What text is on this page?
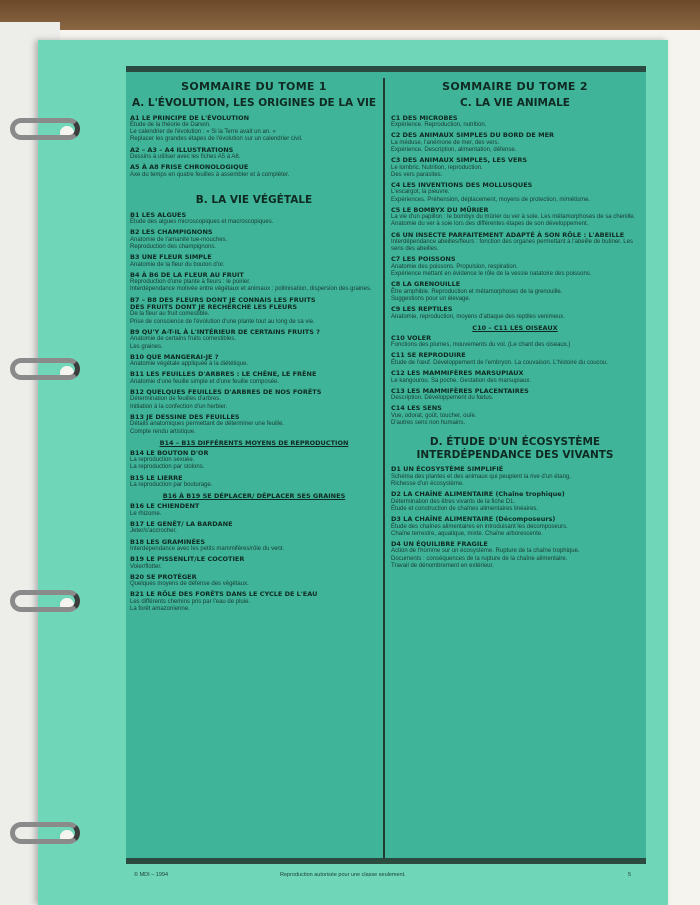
SOMMAIRE DU TOME 1
A. L'ÉVOLUTION, LES ORIGINES DE LA VIE
A1 LE PRINCIPE DE L'ÉVOLUTION
Étude de la théorie de Darwin.
Le calendrier de l'évolution : « Si la Terre avait un an. »
Replacer les grandes étapes de l'évolution sur un calendrier civil.
A2 – A3 – A4 ILLUSTRATIONS
Dessins à utiliser avec les fiches A5 à A8.
A5 À A8 FRISE CHRONOLOGIQUE
Axe du temps en quatre feuilles à assembler et à compléter.
B. LA VIE VÉGÉTALE
B1 LES ALGUES
Étude des algues microscopiques et macroscopiques.
B2 LES CHAMPIGNONS
Anatomie de l'amanite tue-mouches.
Reproduction des champignons.
B3 UNE FLEUR SIMPLE
Anatomie de la fleur du bouton d'or.
B4 À B6 DE LA FLEUR AU FRUIT
Reproduction d'une plante à fleurs : le poirier.
Interdépendance motivée entre végétaux et animaux : pollinisation, dispersion des graines.
B7 – B8 DES FLEURS DONT JE CONNAIS LES FRUITS
DES FRUITS DONT JE RECHERCHE LES FLEURS
De la fleur au fruit comestible.
Prise de conscience de l'évolution d'une plante tout au long de sa vie.
B9 QU'Y A-T-IL À L'INTÉRIEUR DE CERTAINS FRUITS ?
Anatomie de certains fruits comestibles.
Les graines.
B10 QUE MANGERAI-JE ?
Anatomie végétale appliquée à la diététique.
B11 LES FEUILLES D'ARBRES : LE CHÊNE, LE FRÊNE
Anatomie d'une feuille simple et d'une feuille composée.
B12 QUELQUES FEUILLES D'ARBRES DE NOS FORÊTS
Détermination de feuilles d'arbres.
Initiation à la confection d'un herbier.
B13 JE DESSINE DES FEUILLES
Détails anatomiques permettant de déterminer une feuille.
Compte rendu artistique.
B14 – B15 DIFFÉRENTS MOYENS DE REPRODUCTION
B14 LE BOUTON D'OR
La reproduction sexuée.
La reproduction par stolons.
B15 LE LIERRE
La reproduction par bouturage.
B16 À B19 SE DÉPLACER/ DÉPLACER SES GRAINES
B16 LE CHIENDENT
Le rhizome.
B17 LE GENÊT/ LA BARDANE
Jeter/s'accrocher.
B18 LES GRAMINÉES
Interdépendance avec les petits mammifères/rôle du vent.
B19 LE PISSENLIT/LE COCOTIER
Voler/flotter.
B20 SE PROTÉGER
Quelques moyens de défense des végétaux.
B21 LE RÔLE DES FORÊTS DANS LE CYCLE DE L'EAU
Les différents chemins pris par l'eau de pluie.
La forêt amazonienne.
SOMMAIRE DU TOME 2
C. LA VIE ANIMALE
C1 DES MICROBES
Expérience. Reproduction, nutrition.
C2 DES ANIMAUX SIMPLES DU BORD DE MER
La méduse, l'anémone de mer, des vers.
Expérience. Description, alimentation, défense.
C3 DES ANIMAUX SIMPLES, LES VERS
Le lombric. Nutrition, reproduction.
Des vers parasites.
C4 LES INVENTIONS DES MOLLUSQUES
L'escargot, la pieuvre.
Expériences. Préhension, déplacement, moyens de protection, mimétisme.
C5 LE BOMBYX DU MÛRIER
La vie d'un papillon : le bombyx du mûrier ou ver à soie. Les métamorphoses de sa chenille.
Anatomie du ver à soie lors des différentes étapes de son développement.
C6 UN INSECTE PARFAITEMENT ADAPTÉ À SON RÔLE : L'ABEILLE
Interdépendance abeilles/fleurs : fonction des organes permettant à l'abeille de butiner. Les sens des abeilles.
C7 LES POISSONS
Anatomie des poissons. Propulsion, respiration.
Expérience mettant en évidence le rôle de la vessie natatoire des poissons.
C8 LA GRENOUILLE
Être amphibie. Reproduction et métamorphoses de la grenouille.
Suggestions pour un élevage.
C9 LES REPTILES
Anatomie, reproduction, moyens d'attaque des reptiles venimeux.
C10 – C11 LES OISEAUX
C10 VOLER
Fonctions des plumes, mouvements du vol. (Le chant des oiseaux.)
C11 SE REPRODUIRE
Étude de l'œuf. Développement de l'embryon. La couvaison. L'histoire du coucou.
C12 LES MAMMIFÈRES MARSUPIAUX
Le kangourou. Sa poche. Gestation des marsupiaux.
C13 LES MAMMIFÈRES PLACENTAIRES
Description. Développement du fœtus.
C14 LES SENS
Vue, odorat, goût, toucher, ouïe.
D'autres sens non humains.
D. ÉTUDE D'UN ÉCOSYSTÈME INTERDÉPENDANCE DES VIVANTS
D1 UN ÉCOSYSTÈME SIMPLIFIÉ
Schéma des plantes et des animaux qui peuplent la rive d'un étang.
Richesse d'un écosystème.
D2 LA CHAÎNE ALIMENTAIRE (Chaîne trophique)
Détermination des êtres vivants de la fiche D1.
Étude et construction de chaînes alimentaires linéaires.
D3 LA CHAÎNE ALIMENTAIRE (Décomposeurs)
Étude des chaînes alimentaires en introduisant les décomposeurs.
Chaîne terrestre, aquatique, mixte. Chaîne arborescente.
D4 UN ÉQUILIBRE FRAGILE
Action de l'homme sur un écosystème. Rupture de la chaîne trophique.
Documents : conséquences de la rupture de la chaîne alimentaire.
Travail de dénombrement en extérieur.
© MDI – 1994	Reproduction autorisée pour une classe seulement.	5
